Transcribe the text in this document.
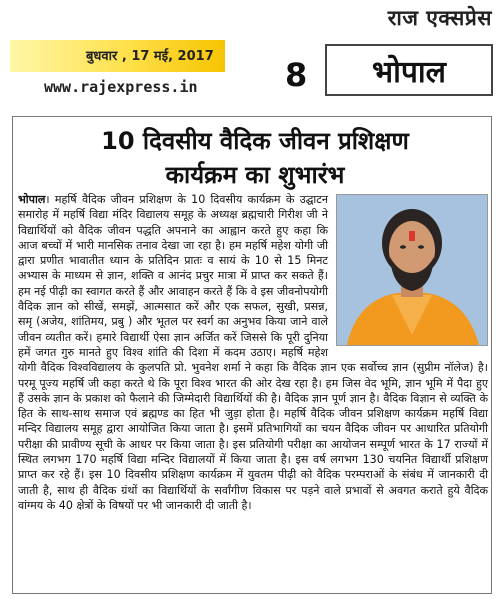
राज एक्सप्रेस
बुधवार , 17 मई, 2017
www.rajexpress.in	8	भोपाल
10 दिवसीय वैदिक जीवन प्रशिक्षण
कार्यक्रम का शुभारंभ
भोपाल। महर्षि वैदिक जीवन प्रशिक्षण के 10 दिवसीय कार्यक्रम के उद्घाटन समारोह में महर्षि विद्या मंदिर विद्यालय समूह के अध्यक्ष ब्रह्मचारी गिरीश जी ने विद्यार्थियों को वैदिक जीवन पद्धति अपनाने का आह्वान करते हुए कहा कि आज बच्चों में भारी मानसिक तनाव देखा जा रहा है। हम महर्षि महेश योगी जी द्वारा प्रणीत भावातीत ध्यान के प्रतिदिन प्रातः व सायं के 10 से 15 मिनट अभ्यास के माध्यम से ज्ञान, शक्ति व आनंद प्रचुर मात्रा में प्राप्त कर सकते हैं। हम नई पीढ़ी का स्वागत करते हैं और आवाहन करते हैं कि वे इस जीवनोपयोगी वैदिक ज्ञान को सीखें, समझें, आत्मसात करें और एक सफल, सुखी, प्रसन्न, समृ (अजेय, शांतिमय, प्रबु ) और भूतल पर स्वर्ग का अनुभव किया जाने वाले जीवन व्यतीत करें। हमारे विद्यार्थी ऐसा ज्ञान अर्जित करें जिससे कि पूरी दुनिया हमें जगत गुरु मानते हुए विश्व शांति की दिशा में कदम उठाए। महर्षि महेश योगी वैदिक विश्वविद्यालय के कुलपति प्रो. भुवनेश शर्मा ने कहा कि वैदिक ज्ञान एक सर्वोच्च ज्ञान (सुप्रीम नॉलेज) है। परमू पूज्य महर्षि जी कहा करते थे कि पूरा विश्व भारत की ओर देख रहा है। हम जिस वेद भूमि, ज्ञान भूमि में पैदा हुए हैं उसके ज्ञान के प्रकाश को फैलाने की जिम्मेदारी विद्यार्थियों की है। वैदिक ज्ञान पूर्ण ज्ञान है। वैदिक विज्ञान से व्यक्ति के हित के साथ-साथ समाज एवं ब्रह्मण्ड का हित भी जुड़ा होता है। महर्षि वैदिक जीवन प्रशिक्षण कार्यक्रम महर्षि विद्या मन्दिर विद्यालय समूह द्वारा आयोजित किया जाता है। इसमें प्रतिभागियों का चयन वैदिक जीवन पर आधारित प्रतियोगी परीक्षा की प्रावीण्य सूची के आधर पर किया जाता है। इस प्रतियोगी परीक्षा का आयोजन सम्पूर्ण भारत के 17 राज्यों में स्थित लगभग 170 महर्षि विद्या मन्दिर विद्यालयों में किया जाता है। इस वर्ष लगभग 130 चयनित विद्यार्थी प्रशिक्षण प्राप्त कर रहे हैं। इस 10 दिवसीय प्रशिक्षण कार्यक्रम में युवतम पीढ़ी को वैदिक परम्पराओं के संबंध में जानकारी दी जाती है, साथ ही वैदिक ग्रंथों का विद्यार्थियों के सर्वांगीण विकास पर पड़ने वाले प्रभावों से अवगत कराते हुये वैदिक वांग्मय के 40 क्षेत्रों के विषयों पर भी जानकारी दी जाती है।
